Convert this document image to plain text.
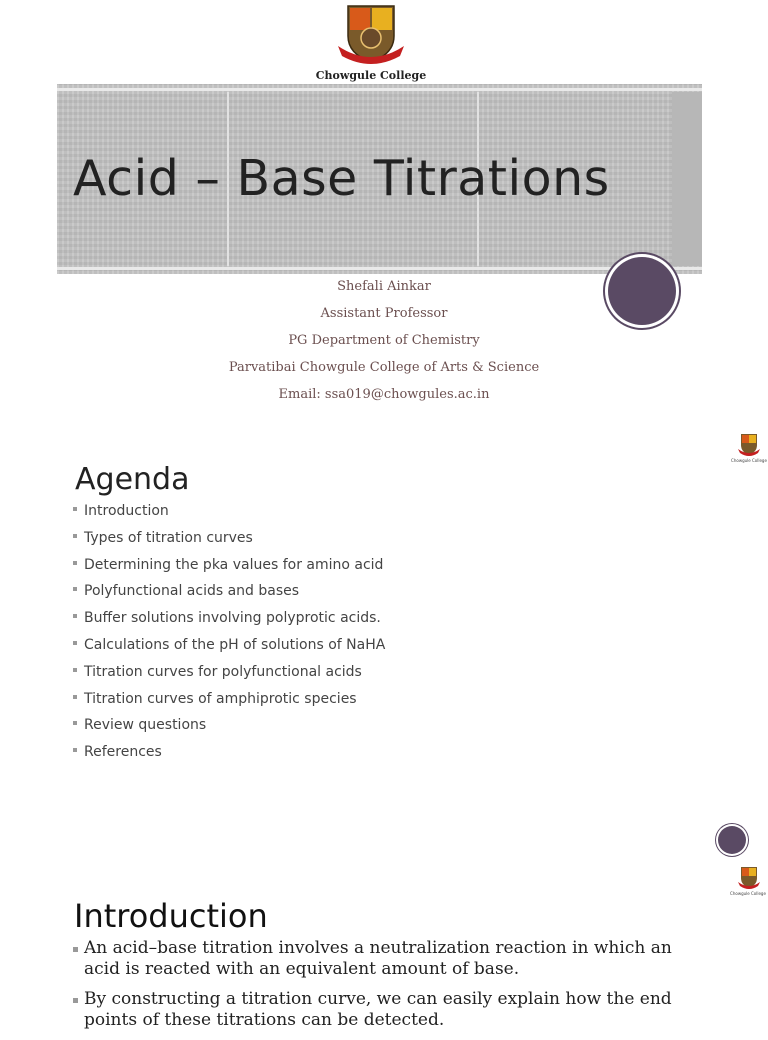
Chowgule College
Acid – Base Titrations
Shefali Ainkar
Assistant Professor
PG Department of Chemistry
Parvatibai Chowgule College of Arts & Science
Email: ssa019@chowgules.ac.in
Chowgule College
Agenda
Introduction
Types of titration curves
Determining the pka values for amino acid
Polyfunctional acids and bases
Buffer solutions involving polyprotic acids.
Calculations of the pH of solutions of NaHA
Titration curves for polyfunctional acids
Titration curves of amphiprotic species
Review questions
References
Chowgule College
Introduction
An acid–base titration involves a neutralization reaction in which an acid is reacted with an equivalent amount of base.
By constructing a titration curve, we can easily explain how the end points of these titrations can be detected.
